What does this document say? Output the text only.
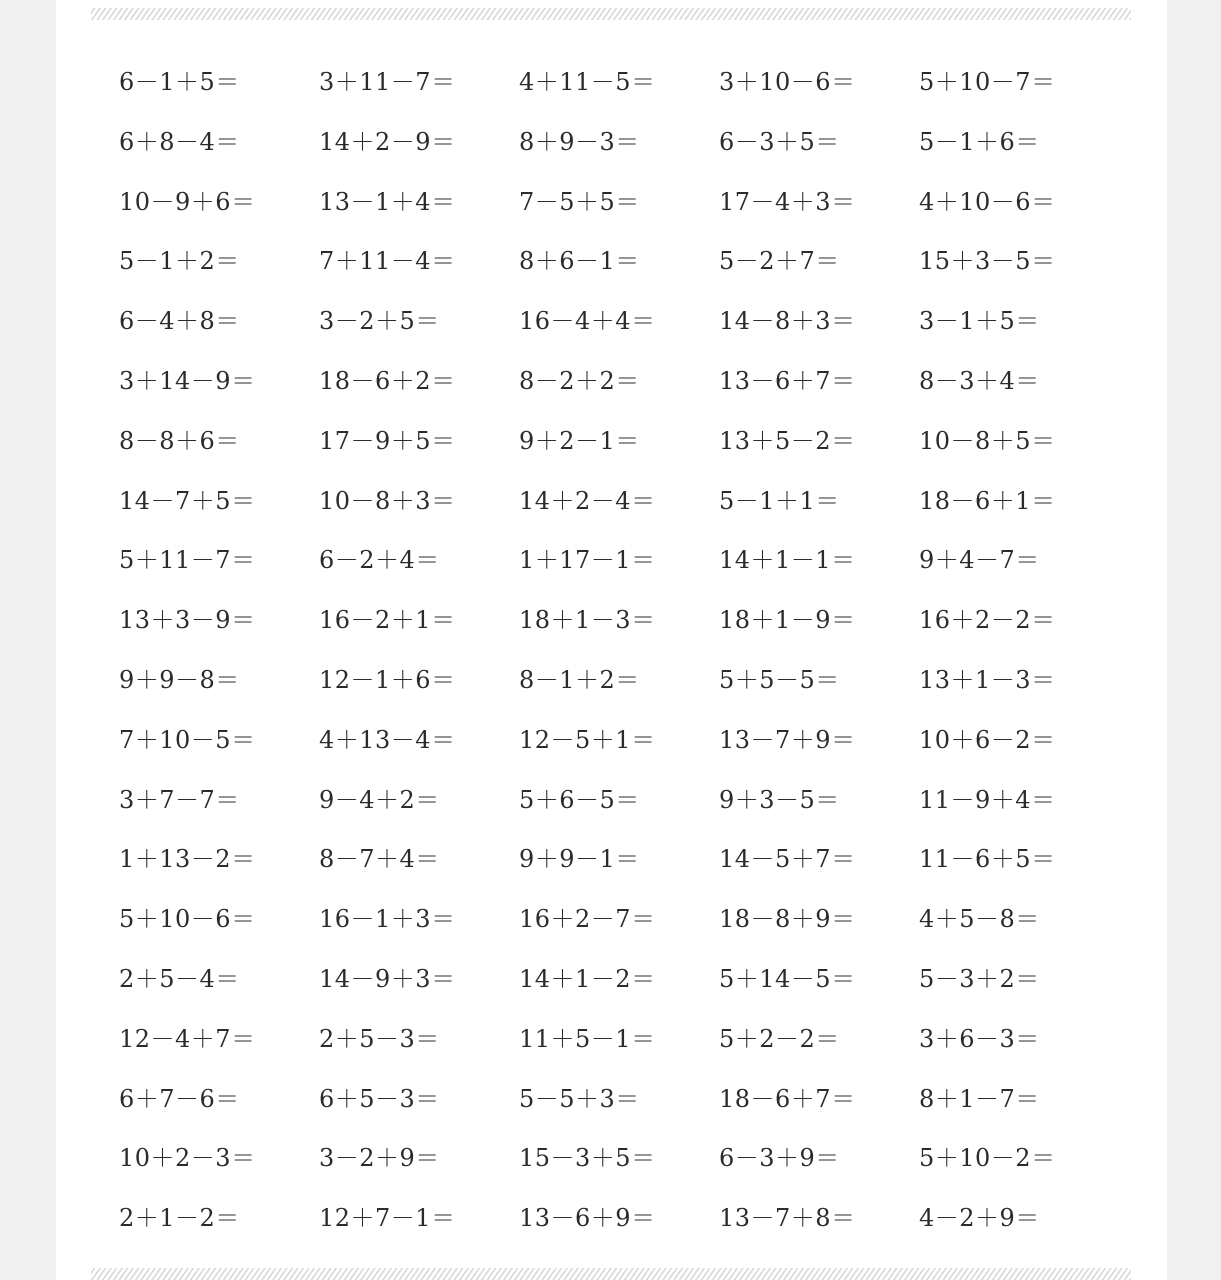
6－1＋5＝	3＋11－7＝	4＋11－5＝	3＋10－6＝	5＋10－7＝
6＋8－4＝	14＋2－9＝	8＋9－3＝	6－3＋5＝	5－1＋6＝
10－9＋6＝	13－1＋4＝	7－5＋5＝	17－4＋3＝	4＋10－6＝
5－1＋2＝	7＋11－4＝	8＋6－1＝	5－2＋7＝	15＋3－5＝
6－4＋8＝	3－2＋5＝	16－4＋4＝	14－8＋3＝	3－1＋5＝
3＋14－9＝	18－6＋2＝	8－2＋2＝	13－6＋7＝	8－3＋4＝
8－8＋6＝	17－9＋5＝	9＋2－1＝	13＋5－2＝	10－8＋5＝
14－7＋5＝	10－8＋3＝	14＋2－4＝	5－1＋1＝	18－6＋1＝
5＋11－7＝	6－2＋4＝	1＋17－1＝	14＋1－1＝	9＋4－7＝
13＋3－9＝	16－2＋1＝	18＋1－3＝	18＋1－9＝	16＋2－2＝
9＋9－8＝	12－1＋6＝	8－1＋2＝	5＋5－5＝	13＋1－3＝
7＋10－5＝	4＋13－4＝	12－5＋1＝	13－7＋9＝	10＋6－2＝
3＋7－7＝	9－4＋2＝	5＋6－5＝	9＋3－5＝	11－9＋4＝
1＋13－2＝	8－7＋4＝	9＋9－1＝	14－5＋7＝	11－6＋5＝
5＋10－6＝	16－1＋3＝	16＋2－7＝	18－8＋9＝	4＋5－8＝
2＋5－4＝	14－9＋3＝	14＋1－2＝	5＋14－5＝	5－3＋2＝
12－4＋7＝	2＋5－3＝	11＋5－1＝	5＋2－2＝	3＋6－3＝
6＋7－6＝	6＋5－3＝	5－5＋3＝	18－6＋7＝	8＋1－7＝
10＋2－3＝	3－2＋9＝	15－3＋5＝	6－3＋9＝	5＋10－2＝
2＋1－2＝	12＋7－1＝	13－6＋9＝	13－7＋8＝	4－2＋9＝
